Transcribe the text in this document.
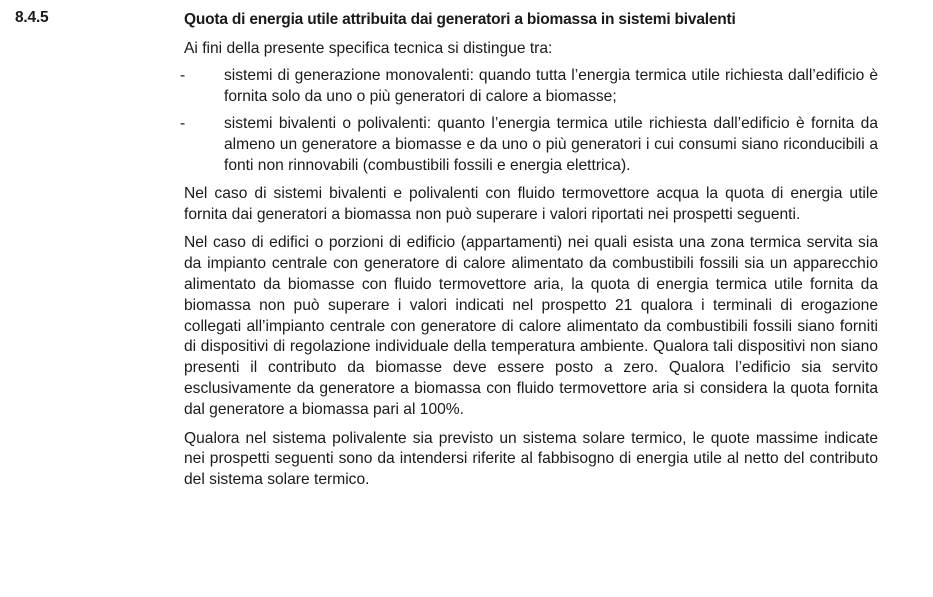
8.4.5	Quota di energia utile attribuita dai generatori a biomassa in sistemi bivalenti
Ai fini della presente specifica tecnica si distingue tra:
- sistemi di generazione monovalenti: quando tutta l’energia termica utile richiesta dall’edificio è fornita solo da uno o più generatori di calore a biomasse;
- sistemi bivalenti o polivalenti: quanto l’energia termica utile richiesta dall’edificio è fornita da almeno un generatore a biomasse e da uno o più generatori i cui consumi siano riconducibili a fonti non rinnovabili (combustibili fossili e energia elettrica).

Nel caso di sistemi bivalenti e polivalenti con fluido termovettore acqua la quota di energia utile fornita dai generatori a biomassa non può superare i valori riportati nei prospetti seguenti.

Nel caso di edifici o porzioni di edificio (appartamenti) nei quali esista una zona termica servita sia da impianto centrale con generatore di calore alimentato da combustibili fossili sia un apparecchio alimentato da biomasse con fluido termovettore aria, la quota di energia termica utile fornita da biomassa non può superare i valori indicati nel prospetto 21 qualora i terminali di erogazione collegati all’impianto centrale con generatore di calore alimentato da combustibili fossili siano forniti di dispositivi di regolazione individuale della temperatura ambiente. Qualora tali dispositivi non siano presenti il contributo da biomasse deve essere posto a zero. Qualora l’edificio sia servito esclusivamente da generatore a biomassa con fluido termovettore aria si considera la quota fornita dal generatore a biomassa pari al 100%.

Qualora nel sistema polivalente sia previsto un sistema solare termico, le quote massime indicate nei prospetti seguenti sono da intendersi riferite al fabbisogno di energia utile al netto del contributo del sistema solare termico.
